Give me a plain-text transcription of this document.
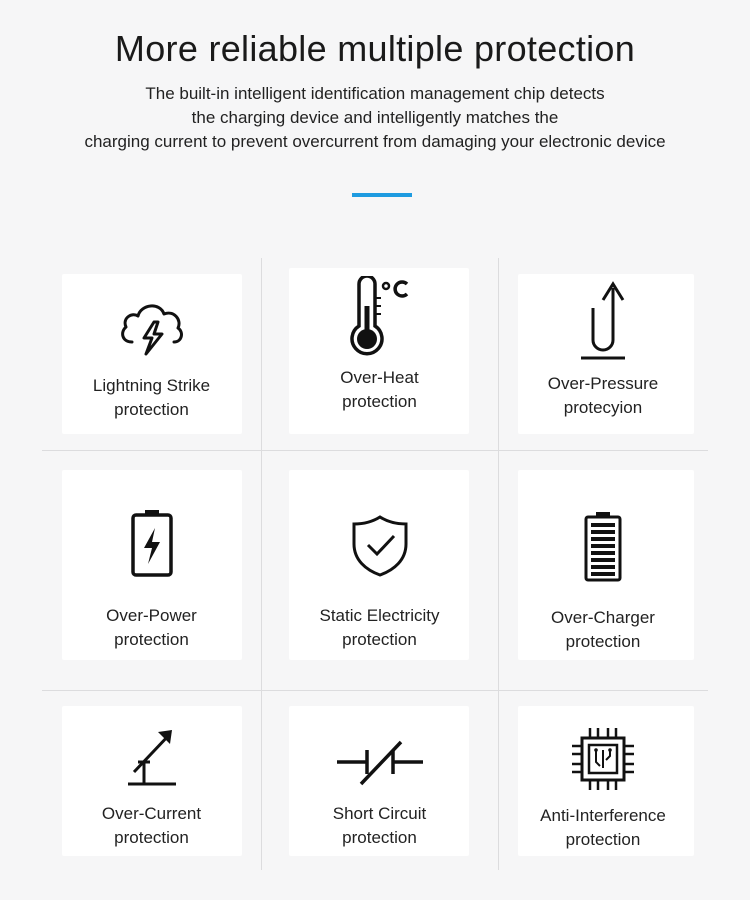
More reliable multiple protection
The built-in intelligent identification management chip detects
the charging device and intelligently matches the
charging current to prevent overcurrent from damaging your electronic device
Lightning Strike
protection
Over-Heat
protection
Over-Pressure
protecyion
Over-Power
protection
Static Electricity
protection
Over-Charger
protection
Over-Current
protection
Short Circuit
protection
Anti-Interference
protection
